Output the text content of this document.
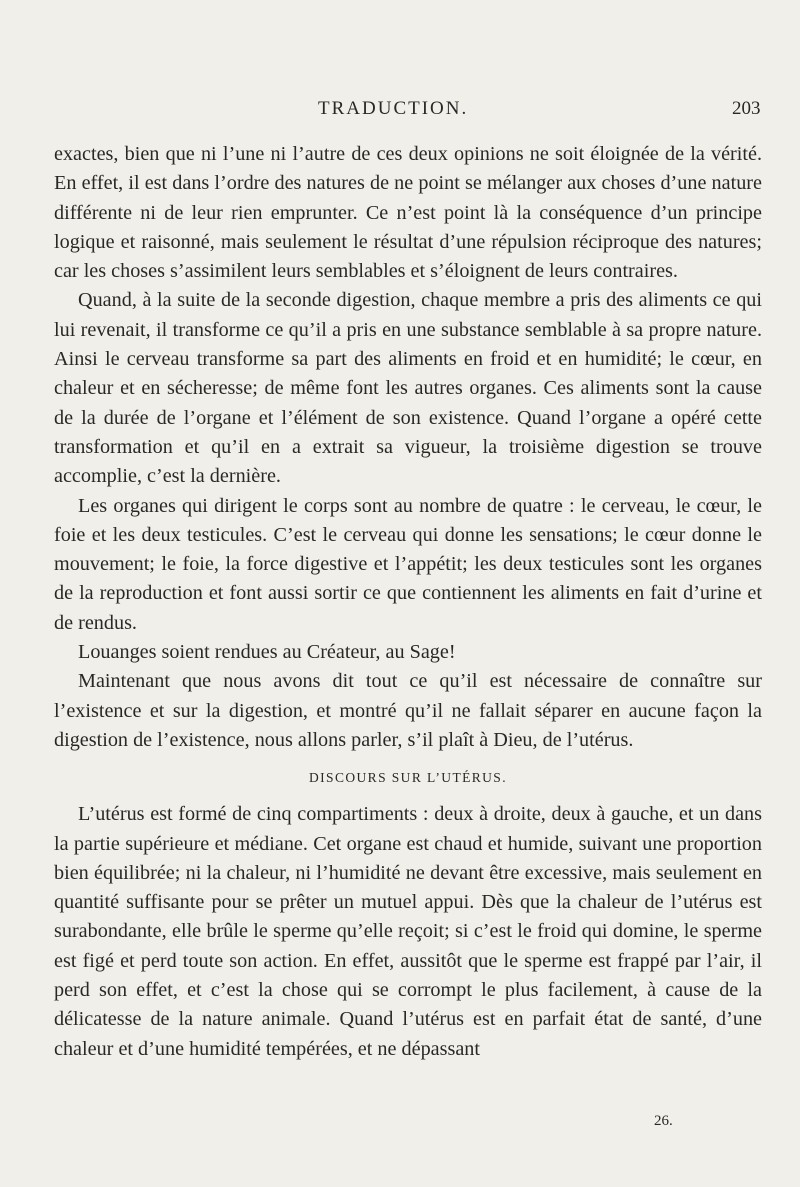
TRADUCTION.	203

exactes, bien que ni l’une ni l’autre de ces deux opinions ne soit éloignée de la vérité. En effet, il est dans l’ordre des natures de ne point se mélanger aux choses d’une nature différente ni de leur rien emprunter. Ce n’est point là la conséquence d’un principe logique et raisonné, mais seulement le résultat d’une répulsion réciproque des natures; car les choses s’assimilent leurs semblables et s’éloignent de leurs contraires.

Quand, à la suite de la seconde digestion, chaque membre a pris des aliments ce qui lui revenait, il transforme ce qu’il a pris en une substance semblable à sa propre nature. Ainsi le cerveau transforme sa part des aliments en froid et en humidité; le cœur, en chaleur et en sécheresse; de même font les autres organes. Ces aliments sont la cause de la durée de l’organe et l’élément de son existence. Quand l’organe a opéré cette transformation et qu’il en a extrait sa vigueur, la troisième digestion se trouve accomplie, c’est la dernière.

Les organes qui dirigent le corps sont au nombre de quatre : le cerveau, le cœur, le foie et les deux testicules. C’est le cerveau qui donne les sensations; le cœur donne le mouvement; le foie, la force digestive et l’appétit; les deux testicules sont les organes de la reproduction et font aussi sortir ce que contiennent les aliments en fait d’urine et de rendus.

Louanges soient rendues au Créateur, au Sage!

Maintenant que nous avons dit tout ce qu’il est nécessaire de connaître sur l’existence et sur la digestion, et montré qu’il ne fallait séparer en aucune façon la digestion de l’existence, nous allons parler, s’il plaît à Dieu, de l’utérus.

DISCOURS SUR L’UTÉRUS.

L’utérus est formé de cinq compartiments : deux à droite, deux à gauche, et un dans la partie supérieure et médiane. Cet organe est chaud et humide, suivant une proportion bien équilibrée; ni la chaleur, ni l’humidité ne devant être excessive, mais seulement en quantité suffisante pour se prêter un mutuel appui. Dès que la chaleur de l’utérus est surabondante, elle brûle le sperme qu’elle reçoit; si c’est le froid qui domine, le sperme est figé et perd toute son action. En effet, aussitôt que le sperme est frappé par l’air, il perd son effet, et c’est la chose qui se corrompt le plus facilement, à cause de la délicatesse de la nature animale. Quand l’utérus est en parfait état de santé, d’une chaleur et d’une humidité tempérées, et ne dépassant

26.
